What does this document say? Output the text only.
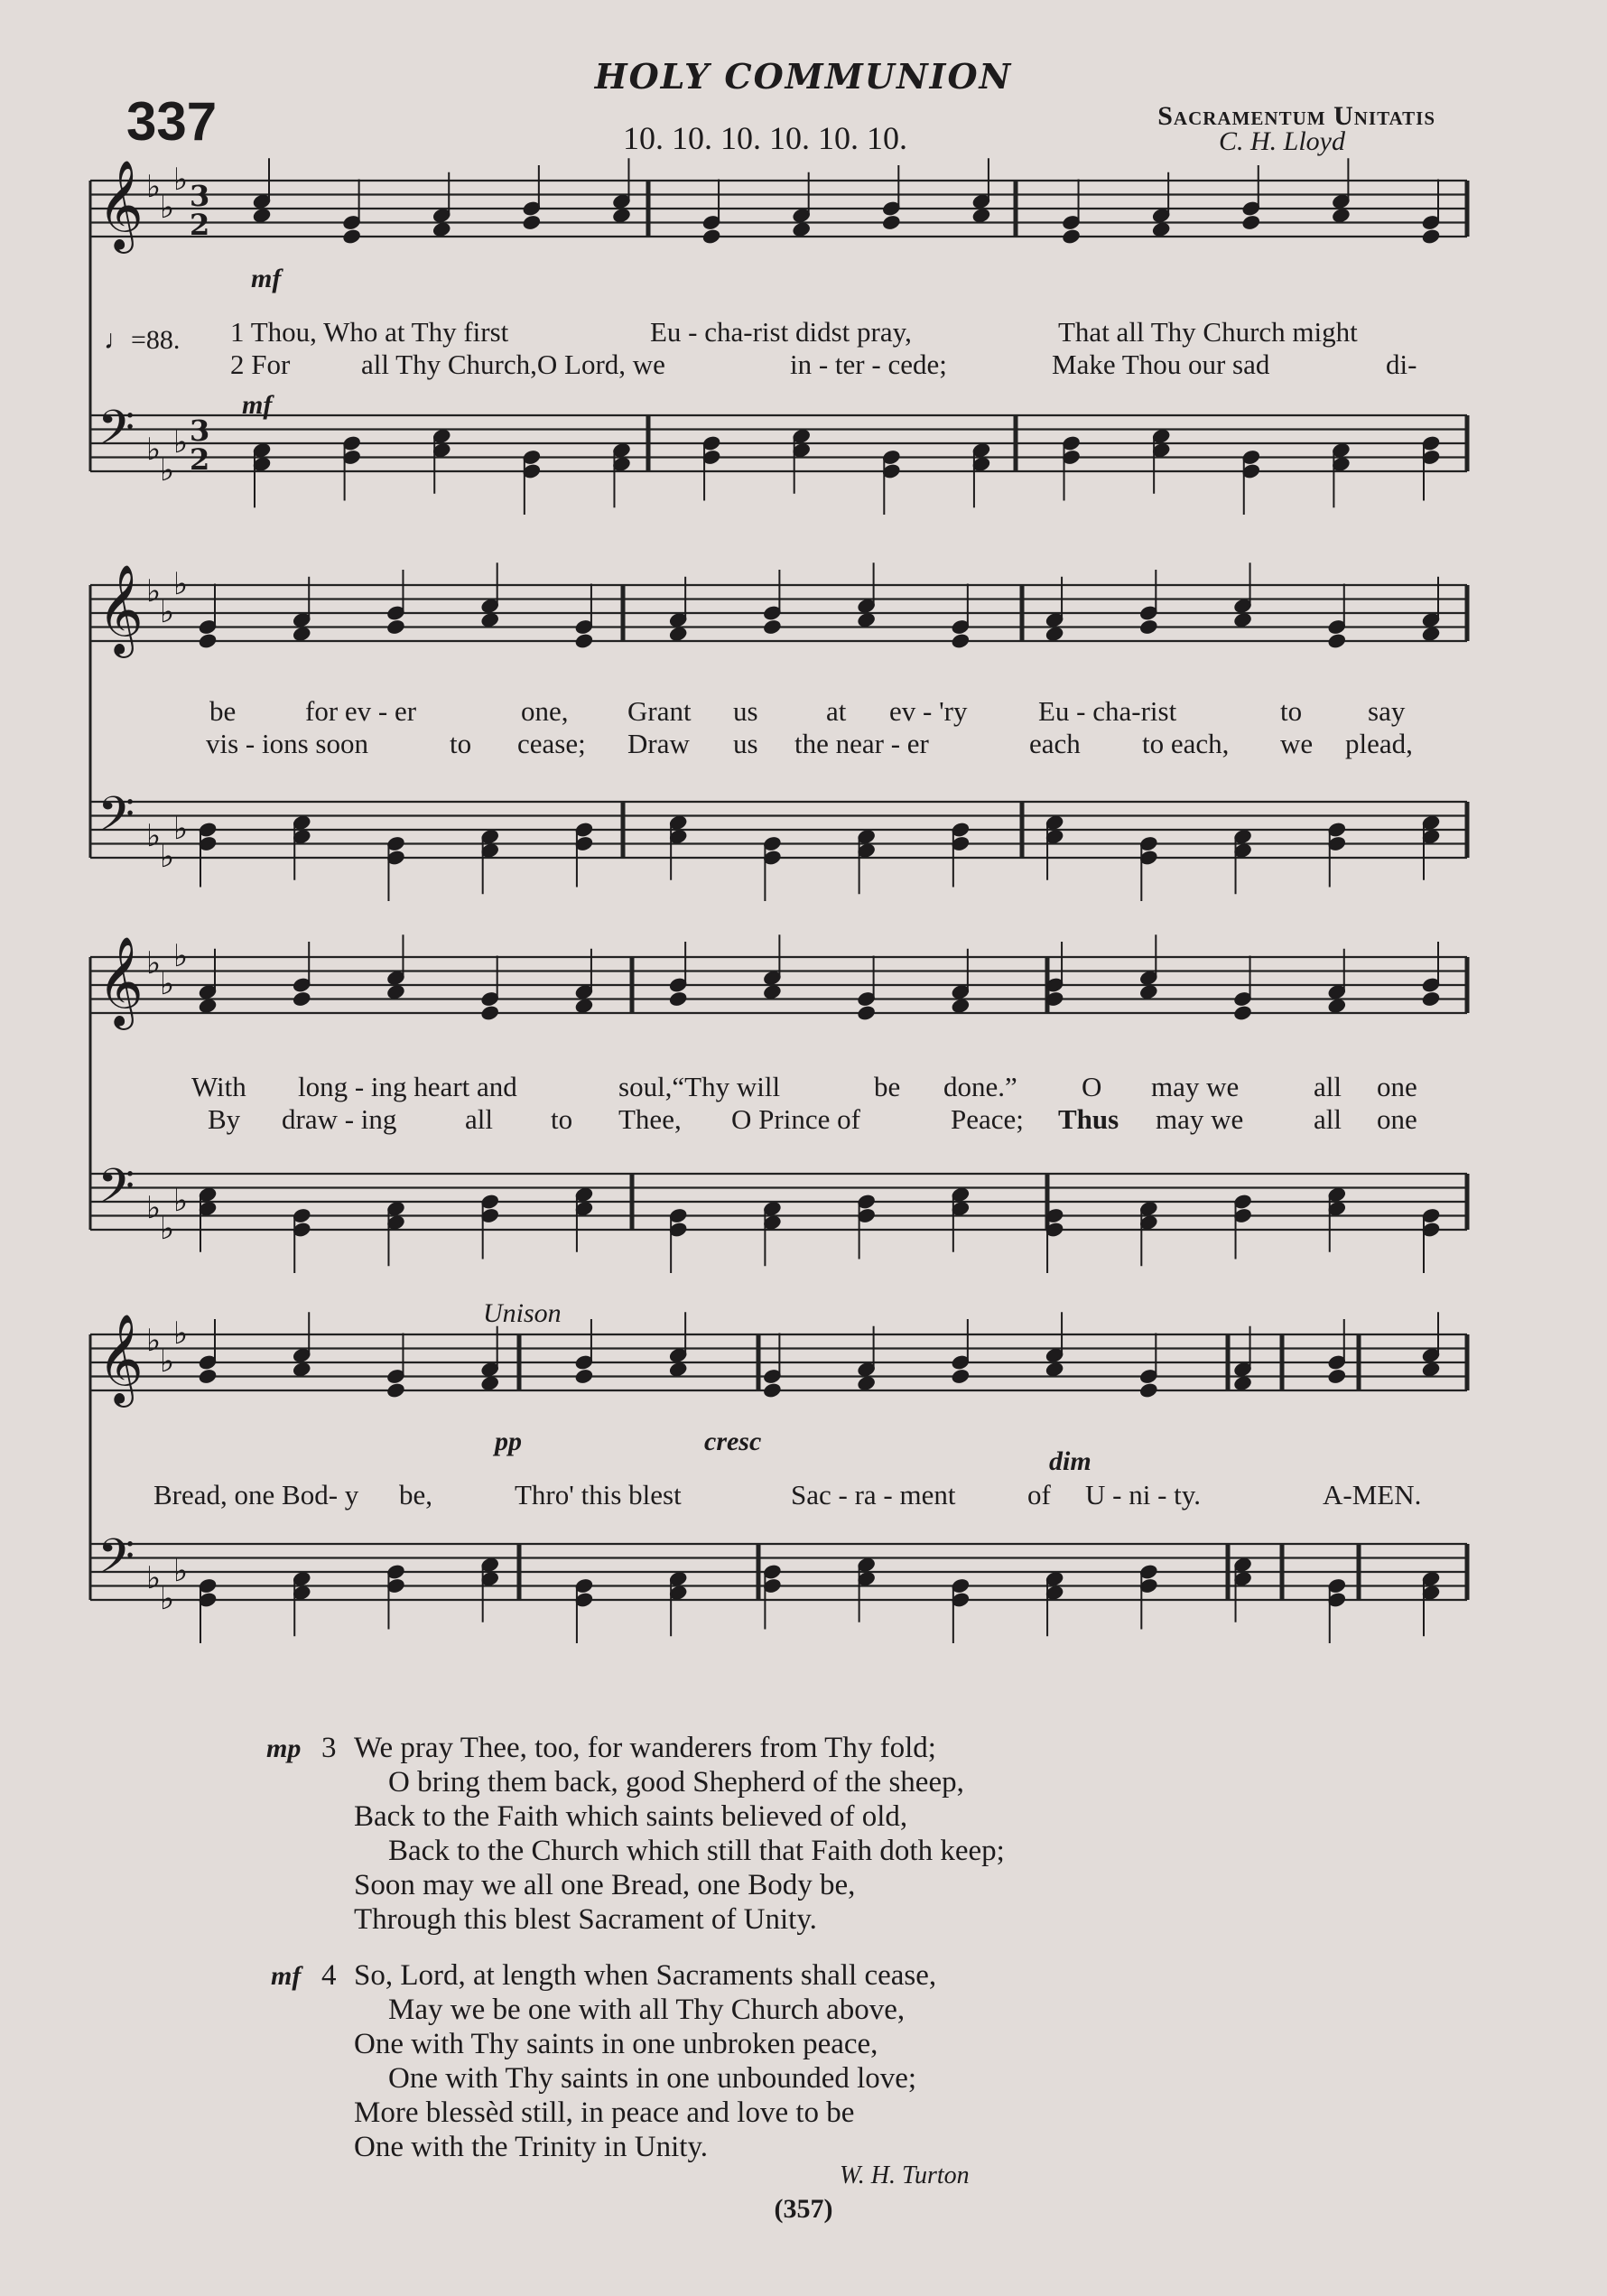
HOLY COMMUNION
337	10. 10. 10. 10. 10. 10.
Sacramentum Unitatis
C. H. Lloyd
𝄞 ♭
♭
♭ 3
2
𝄢 ♭
♭
♭ 3
2
𝄞 ♭
♭
♭
𝄢 ♭
♭
♭
𝄞 ♭
♭
♭
𝄢 ♭
♭
♭
𝄞 ♭
♭
♭
𝄢 ♭
♭
♭
♩=88.
mf
mf
Unison
pp	cresc
dim
1 Thou, Who at Thy first	Eu - cha-rist didst pray,	That all Thy Church might
2 For	all Thy Church,O Lord, we	in - ter - cede;	Make Thou our sad	di-
be for ev - er	one, Grant us at ev - 'ry	Eu - cha-rist	to say
vis - ions soon	to cease; Draw us the near - er	each to each, we plead,
With long - ing heart and	soul,“Thy will	be done.” O may we	all one
By draw - ing all to Thee, O Prince of	Peace; Thus may we	all one
Bread, one Bod- y be,	Thro' this blest	Sac - ra - ment	of U - ni - ty.	A-MEN.
mp 3 We pray Thee, too, for wanderers from Thy fold;
O bring them back, good Shepherd of the sheep,
Back to the Faith which saints believed of old,
Back to the Church which still that Faith doth keep;
Soon may we all one Bread, one Body be,
Through this blest Sacrament of Unity.
mf 4 So, Lord, at length when Sacraments shall cease,
May we be one with all Thy Church above,
One with Thy saints in one unbroken peace,
One with Thy saints in one unbounded love;
More blessèd still, in peace and love to be
One with the Trinity in Unity.
W. H. Turton
(357)
